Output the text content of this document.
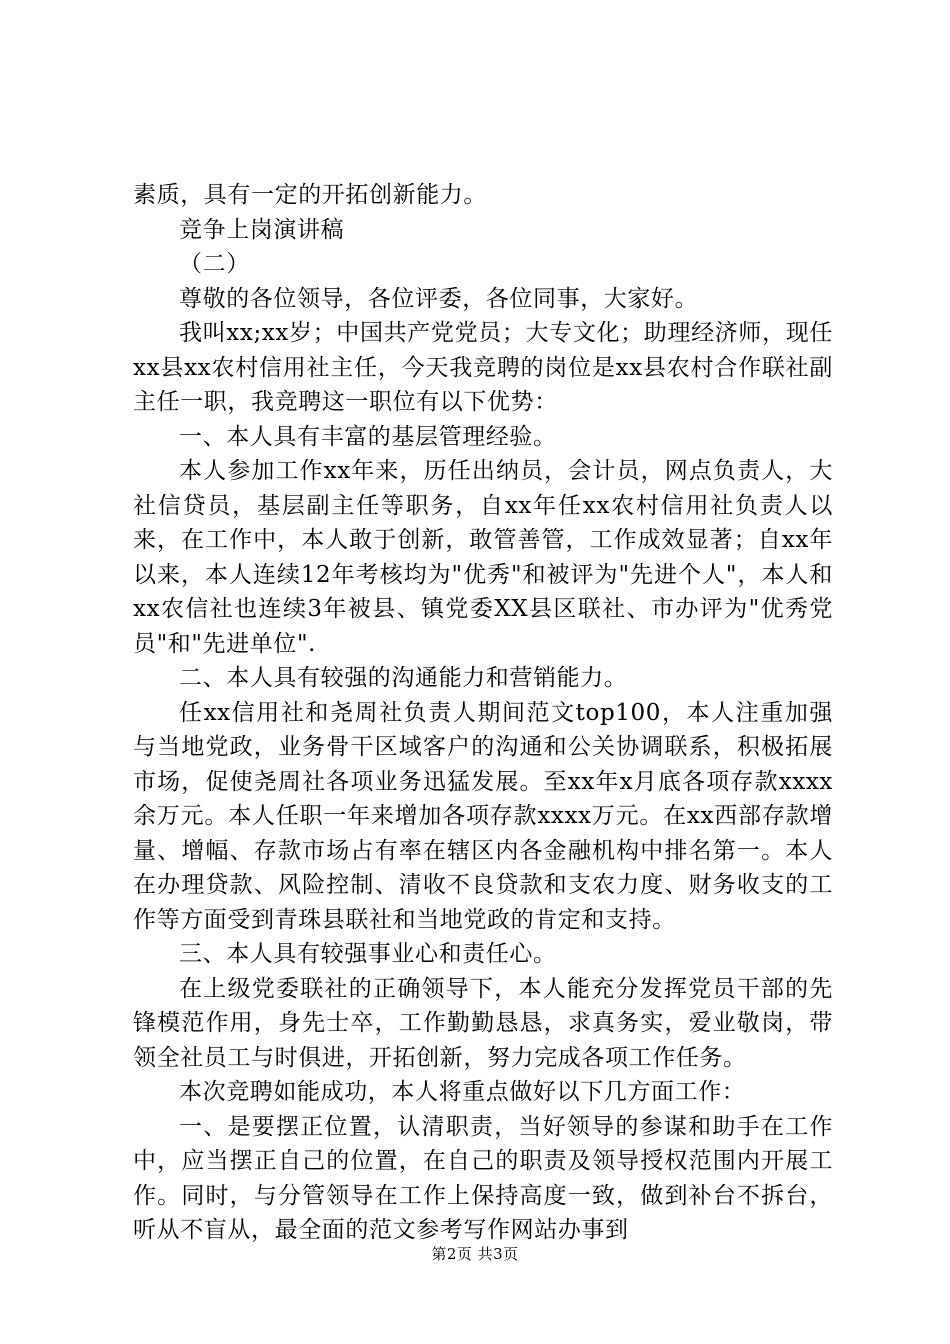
素质，具有一定的开拓创新能力。

竞争上岗演讲稿

（二）

尊敬的各位领导，各位评委，各位同事，大家好。

我叫xx;xx岁；中国共产党党员；大专文化；助理经济师，现任xx县xx农村信用社主任，今天我竞聘的岗位是xx县农村合作联社副主任一职，我竞聘这一职位有以下优势：

一、本人具有丰富的基层管理经验。

本人参加工作xx年来，历任出纳员，会计员，网点负责人，大社信贷员，基层副主任等职务，自xx年任xx农村信用社负责人以来，在工作中，本人敢于创新，敢管善管，工作成效显著；自xx年以来，本人连续12年考核均为"优秀"和被评为"先进个人"，本人和xx农信社也连续3年被县、镇党委XX县区联社、市办评为"优秀党员"和"先进单位".

二、本人具有较强的沟通能力和营销能力。

任xx信用社和尧周社负责人期间范文top100，本人注重加强与当地党政，业务骨干区域客户的沟通和公关协调联系，积极拓展市场，促使尧周社各项业务迅猛发展。至xx年x月底各项存款xxxx余万元。本人任职一年来增加各项存款xxxx万元。在xx西部存款增量、增幅、存款市场占有率在辖区内各金融机构中排名第一。本人在办理贷款、风险控制、清收不良贷款和支农力度、财务收支的工作等方面受到青珠县联社和当地党政的肯定和支持。

三、本人具有较强事业心和责任心。

在上级党委联社的正确领导下，本人能充分发挥党员干部的先锋模范作用，身先士卒，工作勤勤恳恳，求真务实，爱业敬岗，带领全社员工与时俱进，开拓创新，努力完成各项工作任务。

本次竞聘如能成功，本人将重点做好以下几方面工作：

一、是要摆正位置，认清职责，当好领导的参谋和助手在工作中，应当摆正自己的位置，在自己的职责及领导授权范围内开展工作。同时，与分管领导在工作上保持高度一致，做到补台不拆台，听从不盲从，最全面的范文参考写作网站办事到

第2页 共3页
